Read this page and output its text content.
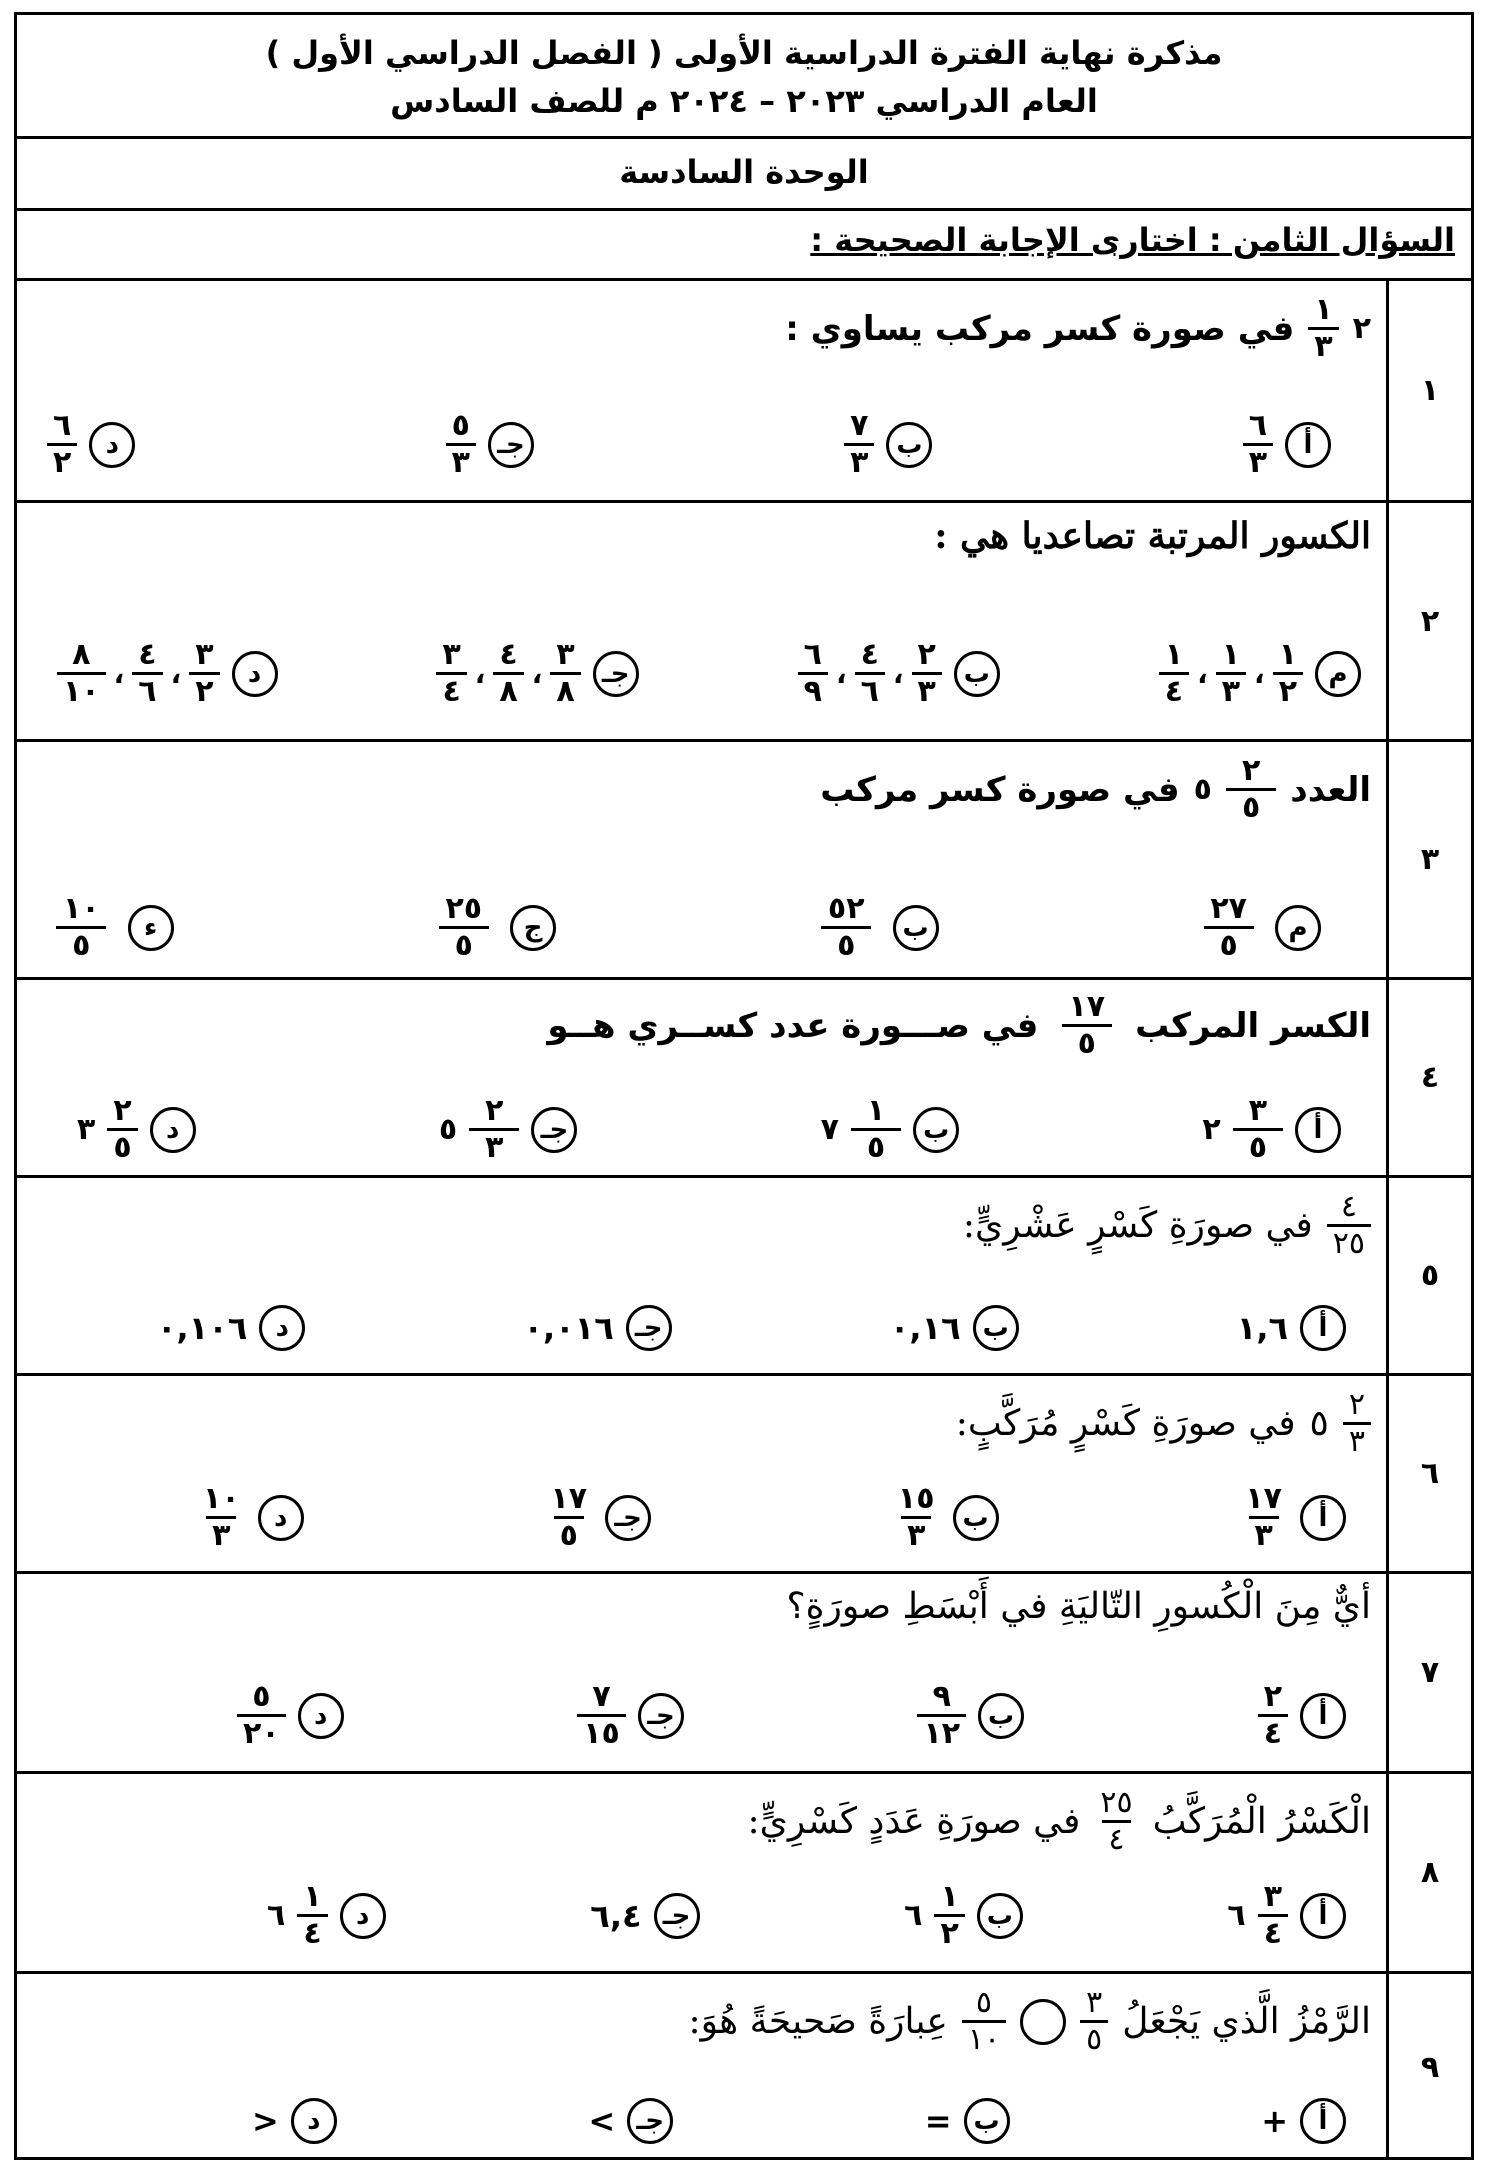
مذكرة نهاية الفترة الدراسية الأولى ( الفصل الدراسي الأول )
العام الدراسي ٢٠٢٣ – ٢٠٢٤ م للصف السادس
الوحدة السادسة
السؤال الثامن : اختارى الإجابة الصحيحة :
١
٢
$\frac{١}{٣}$
في صورة كسر مركب يساوي :
أ
$\frac{٦}{٣}$
ب
$\frac{٧}{٣}$
جـ
$\frac{٥}{٣}$
د
$\frac{٦}{٢}$
٢
الكسور المرتبة تصاعديا هي :
م
$\frac{١}{٢}$
،
$\frac{١}{٣}$
،
$\frac{١}{٤}$
ب
$\frac{٢}{٣}$
،
$\frac{٤}{٦}$
،
$\frac{٦}{٩}$
جـ
$\frac{٣}{٨}$
،
$\frac{٤}{٨}$
،
$\frac{٣}{٤}$
د
$\frac{٣}{٢}$
،
$\frac{٤}{٦}$
،
$\frac{٨}{١٠}$
٣
العدد
$\frac{٢}{٥}$
٥
في صورة كسر مركب
م
$\frac{٢٧}{٥}$
ب
$\frac{٥٢}{٥}$
ج
$\frac{٢٥}{٥}$
ء
$\frac{١٠}{٥}$
٤
الكسر المركب
$\frac{١٧}{٥}$
في صـــورة عدد كســري هــو
أ
$\frac{٣}{٥}$
٢
ب
$\frac{١}{٥}$
٧
جـ
$\frac{٢}{٣}$
٥
د
$\frac{٢}{٥}$
٣
٥
$\frac{٤}{٢٥}$
في صورَةِ كَسْرٍ عَشْرِيٍّ:
أ
١,٦
ب
٠,١٦
جـ
٠,٠١٦
د
٠,١٠٦
٦
$\frac{٢}{٣}$
٥
في صورَةِ كَسْرٍ مُرَكَّبٍ:
أ
$\frac{١٧}{٣}$
ب
$\frac{١٥}{٣}$
جـ
$\frac{١٧}{٥}$
د
$\frac{١٠}{٣}$
٧
أيٌّ مِنَ الْكُسورِ التّاليَةِ في أَبْسَطِ صورَةٍ؟
أ
$\frac{٢}{٤}$
ب
$\frac{٩}{١٢}$
جـ
$\frac{٧}{١٥}$
د
$\frac{٥}{٢٠}$
٨
الْكَسْرُ الْمُرَكَّبُ
$\frac{٢٥}{٤}$
في صورَةِ عَدَدٍ كَسْرِيٍّ:
أ
$\frac{٣}{٤}$
٦
ب
$\frac{١}{٢}$
٦
جـ
٦,٤
د
$\frac{١}{٤}$
٦
٩
الرَّمْزُ الَّذي يَجْعَلُ
$\frac{٣}{٥}$
$\frac{٥}{١٠}$
عِبارَةً صَحيحَةً هُوَ:
أ
+
ب
=
جـ
>
د
<
